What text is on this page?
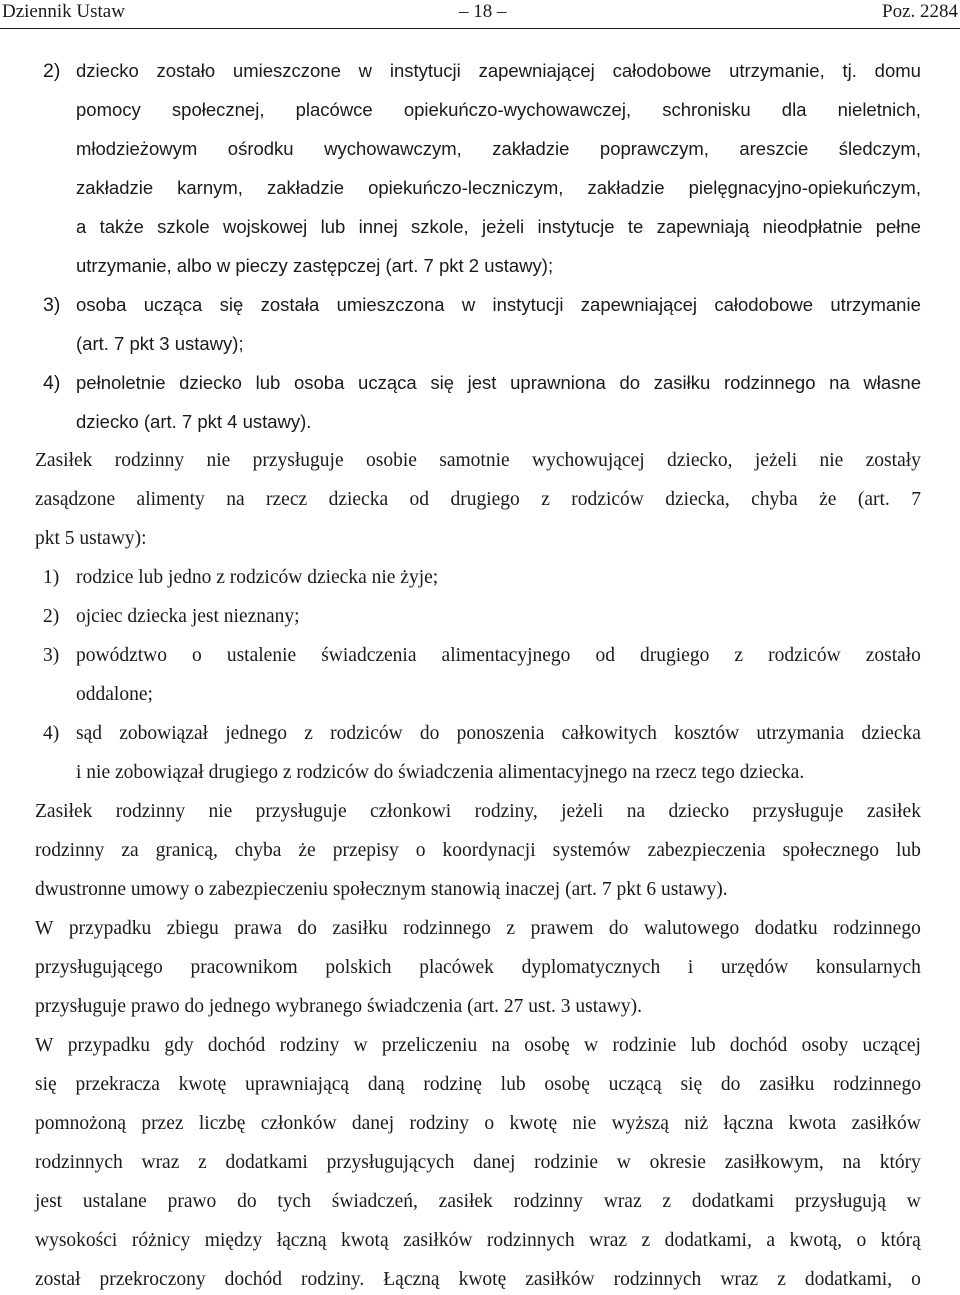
Dziennik Ustaw	– 18 –	Poz. 2284
2) dziecko zostało umieszczone w instytucji zapewniającej całodobowe utrzymanie, tj. domu
pomocy społecznej, placówce opiekuńczo-wychowawczej, schronisku dla nieletnich,
młodzieżowym ośrodku wychowawczym, zakładzie poprawczym, areszcie śledczym,
zakładzie karnym, zakładzie opiekuńczo-leczniczym, zakładzie pielęgnacyjno-opiekuńczym,
a także szkole wojskowej lub innej szkole, jeżeli instytucje te zapewniają nieodpłatnie pełne
utrzymanie, albo w pieczy zastępczej (art. 7 pkt 2 ustawy);
3) osoba ucząca się została umieszczona w instytucji zapewniającej całodobowe utrzymanie
(art. 7 pkt 3 ustawy);
4) pełnoletnie dziecko lub osoba ucząca się jest uprawniona do zasiłku rodzinnego na własne
dziecko (art. 7 pkt 4 ustawy).
Zasiłek rodzinny nie przysługuje osobie samotnie wychowującej dziecko, jeżeli nie zostały
zasądzone alimenty na rzecz dziecka od drugiego z rodziców dziecka, chyba że (art. 7
pkt 5 ustawy):
1) rodzice lub jedno z rodziców dziecka nie żyje;
2) ojciec dziecka jest nieznany;
3) powództwo o ustalenie świadczenia alimentacyjnego od drugiego z rodziców zostało
oddalone;
4) sąd zobowiązał jednego z rodziców do ponoszenia całkowitych kosztów utrzymania dziecka
i nie zobowiązał drugiego z rodziców do świadczenia alimentacyjnego na rzecz tego dziecka.
Zasiłek rodzinny nie przysługuje członkowi rodziny, jeżeli na dziecko przysługuje zasiłek
rodzinny za granicą, chyba że przepisy o koordynacji systemów zabezpieczenia społecznego lub
dwustronne umowy o zabezpieczeniu społecznym stanowią inaczej (art. 7 pkt 6 ustawy).
W przypadku zbiegu prawa do zasiłku rodzinnego z prawem do walutowego dodatku rodzinnego
przysługującego pracownikom polskich placówek dyplomatycznych i urzędów konsularnych
przysługuje prawo do jednego wybranego świadczenia (art. 27 ust. 3 ustawy).
W przypadku gdy dochód rodziny w przeliczeniu na osobę w rodzinie lub dochód osoby uczącej
się przekracza kwotę uprawniającą daną rodzinę lub osobę uczącą się do zasiłku rodzinnego
pomnożoną przez liczbę członków danej rodziny o kwotę nie wyższą niż łączna kwota zasiłków
rodzinnych wraz z dodatkami przysługujących danej rodzinie w okresie zasiłkowym, na który
jest ustalane prawo do tych świadczeń, zasiłek rodzinny wraz z dodatkami przysługują w
wysokości różnicy między łączną kwotą zasiłków rodzinnych wraz z dodatkami, a kwotą, o którą
został przekroczony dochód rodziny. Łączną kwotę zasiłków rodzinnych wraz z dodatkami, o
